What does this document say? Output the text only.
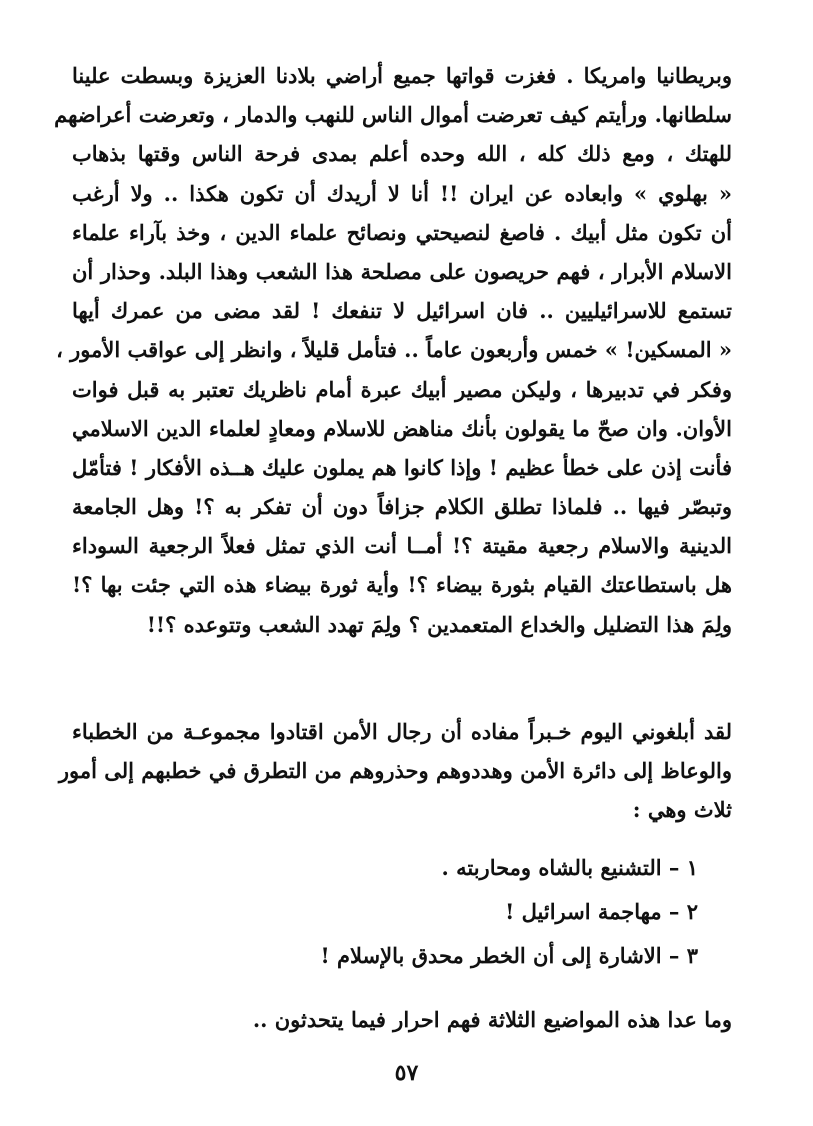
وبريطانيا وامريكا . فغزت قواتها جميع أراضي بلادنا العزيزة وبسطت علينا
سلطانها. ورأيتم كيف تعرضت أموال الناس للنهب والدمار ، وتعرضت أعراضهم
للهتك ، ومع ذلك كله ، الله وحده أعلم بمدى فرحة الناس وقتها بذهاب
« بهلوي » وابعاده عن ايران !! أنا لا أريدك أن تكون هكذا .. ولا أرغب
أن تكون مثل أبيك . فاصغ لنصيحتي ونصائح علماء الدين ، وخذ بآراء علماء
الاسلام الأبرار ، فهم حريصون على مصلحة هذا الشعب وهذا البلد. وحذار أن
تستمع للاسرائيليين .. فان اسرائيل لا تنفعك ! لقد مضى من عمرك أيها
« المسكين! » خمس وأربعون عاماً .. فتأمل قليلاً ، وانظر إلى عواقب الأمور ،
وفكر في تدبيرها ، وليكن مصير أبيك عبرة أمام ناظريك تعتبر به قبل فوات
الأوان. وان صحّ ما يقولون بأنك مناهض للاسلام ومعادٍ لعلماء الدين الاسلامي
فأنت إذن على خطأ عظيم ! وإذا كانوا هم يملون عليك هــذه الأفكار ! فتأمّل
وتبصّر فيها .. فلماذا تطلق الكلام جزافاً دون أن تفكر به ؟! وهل الجامعة
الدينية والاسلام رجعية مقيتة ؟! أمــا أنت الذي تمثل فعلاً الرجعية السوداء
هل باستطاعتك القيام بثورة بيضاء ؟! وأية ثورة بيضاء هذه التي جئت بها ؟!
ولِمَ هذا التضليل والخداع المتعمدين ؟ ولِمَ تهدد الشعب وتتوعده ؟!!
لقد أبلغوني اليوم خـبراً مفاده أن رجال الأمن اقتادوا مجموعـة من الخطباء
والوعاظ إلى دائرة الأمن وهددوهم وحذروهم من التطرق في خطبهم إلى أمور
ثلاث وهي :
١ – التشنيع بالشاه ومحاربته .
٢ – مهاجمة اسرائيل !
٣ – الاشارة إلى أن الخطر محدق بالإسلام !
وما عدا هذه المواضيع الثلاثة فهم احرار فيما يتحدثون ..
٥٧
